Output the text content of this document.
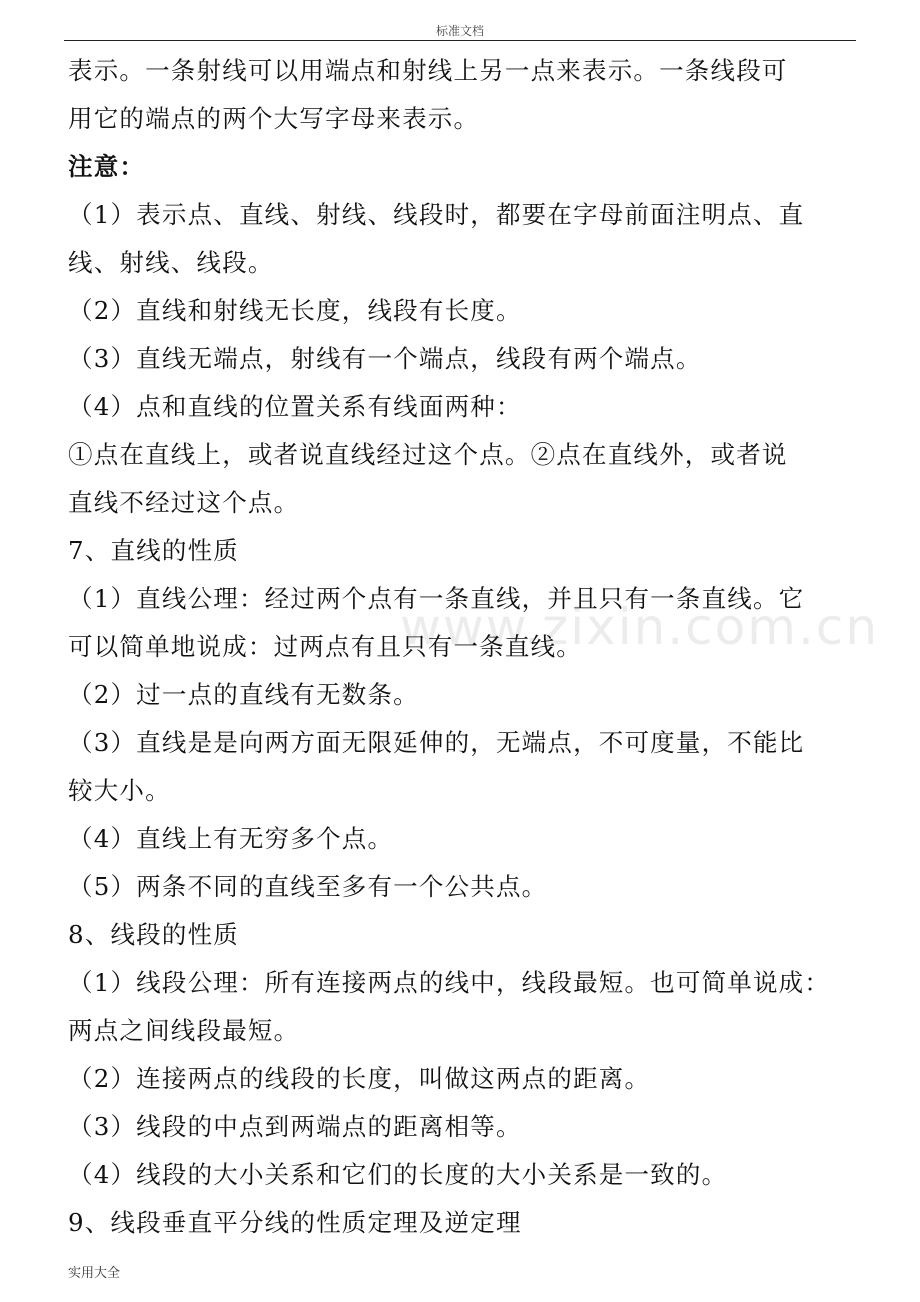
标准文档
www.zixin.com.cn
表示。一条射线可以用端点和射线上另一点来表示。一条线段可
用它的端点的两个大写字母来表示。
注意：
（1）表示点、直线、射线、线段时，都要在字母前面注明点、直
线、射线、线段。
（2）直线和射线无长度，线段有长度。
（3）直线无端点，射线有一个端点，线段有两个端点。
（4）点和直线的位置关系有线面两种：
①点在直线上，或者说直线经过这个点。②点在直线外，或者说
直线不经过这个点。
7、直线的性质
（1）直线公理：经过两个点有一条直线，并且只有一条直线。它
可以简单地说成：过两点有且只有一条直线。
（2）过一点的直线有无数条。
（3）直线是是向两方面无限延伸的，无端点，不可度量，不能比
较大小。
（4）直线上有无穷多个点。
（5）两条不同的直线至多有一个公共点。
8、线段的性质
（1）线段公理：所有连接两点的线中，线段最短。也可简单说成：
两点之间线段最短。
（2）连接两点的线段的长度，叫做这两点的距离。
（3）线段的中点到两端点的距离相等。
（4）线段的大小关系和它们的长度的大小关系是一致的。
9、线段垂直平分线的性质定理及逆定理
实用大全
